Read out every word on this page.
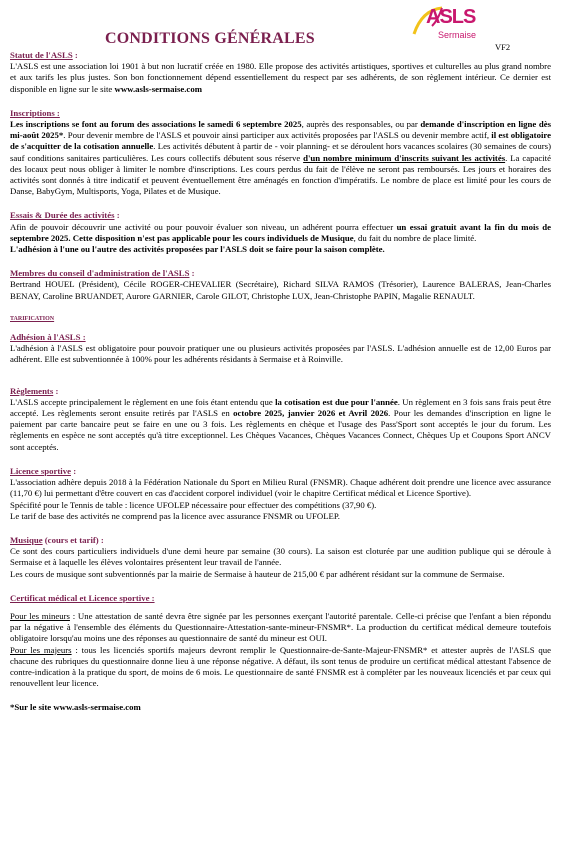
CONDITIONS GÉNÉRALES
ASLS
Sermaise
VF2

Statut de l'ASLS :

L'ASLS est une association loi 1901 à but non lucratif créée en 1980. Elle propose des activités artistiques, sportives et culturelles au plus grand nombre et aux tarifs les plus justes. Son bon fonctionnement dépend essentiellement du respect par ses adhérents, de son règlement intérieur. Ce dernier est disponible en ligne sur le site www.asls-sermaise.com

Inscriptions :

Les inscriptions se font au forum des associations le samedi 6 septembre 2025, auprès des responsables, ou par demande d'inscription en ligne dès mi-août 2025*. Pour devenir membre de l'ASLS et pouvoir ainsi participer aux activités proposées par l'ASLS ou devenir membre actif, il est obligatoire de s'acquitter de la cotisation annuelle. Les activités débutent à partir de - voir planning- et se déroulent hors vacances scolaires (30 semaines de cours) sauf conditions sanitaires particulières. Les cours collectifs débutent sous réserve d'un nombre minimum d'inscrits suivant les activités. La capacité des locaux peut nous obliger à limiter le nombre d'inscriptions. Les cours perdus du fait de l'élève ne seront pas remboursés. Les jours et horaires des activités sont donnés à titre indicatif et peuvent éventuellement être aménagés en fonction d'impératifs. Le nombre de place est limité pour les cours de Danse, BabyGym, Multisports, Yoga, Pilates et de Musique.

Essais & Durée des activités :

Afin de pouvoir découvrir une activité ou pour pouvoir évaluer son niveau, un adhérent pourra effectuer un essai gratuit avant la fin du mois de septembre 2025. Cette disposition n'est pas applicable pour les cours individuels de Musique, du fait du nombre de place limité.

L'adhésion à l'une ou l'autre des activités proposées par l'ASLS doit se faire pour la saison complète.

Membres du conseil d'administration de l'ASLS :

Bertrand HOUEL (Président), Cécile ROGER-CHEVALIER (Secrétaire), Richard SILVA RAMOS (Trésorier), Laurence BALERAS, Jean-Charles BENAY, Caroline BRUANDET, Aurore GARNIER, Carole GILOT, Christophe LUX, Jean-Christophe PAPIN, Magalie RENAULT.

TARIFICATION

Adhésion à l'ASLS :

L'adhésion à l'ASLS est obligatoire pour pouvoir pratiquer une ou plusieurs activités proposées par l'ASLS. L'adhésion annuelle est de 12,00 Euros par adhérent. Elle est subventionnée à 100% pour les adhérents résidants à Sermaise et à Roinville.

Règlements :

L'ASLS accepte principalement le règlement en une fois étant entendu que la cotisation est due pour l'année. Un règlement en 3 fois sans frais peut être accepté. Les règlements seront ensuite retirés par l'ASLS en octobre 2025, janvier 2026 et Avril 2026. Pour les demandes d'inscription en ligne le paiement par carte bancaire peut se faire en une ou 3 fois. Les règlements en chèque et l'usage des Pass'Sport sont acceptés le jour du forum. Les règlements en espèce ne sont acceptés qu'à titre exceptionnel. Les Chèques Vacances, Chèques Vacances Connect, Chèques Up et Coupons Sport ANCV sont acceptés.

Licence sportive :

L'association adhère depuis 2018 à la Fédération Nationale du Sport en Milieu Rural (FNSMR). Chaque adhérent doit prendre une licence avec assurance (11,70 €) lui permettant d'être couvert en cas d'accident corporel individuel (voir le chapitre Certificat médical et Licence Sportive).

Spécifité pour le Tennis de table : licence UFOLEP nécessaire pour effectuer des compétitions (37,90 €).

Le tarif de base des activités ne comprend pas la licence avec assurance FNSMR ou UFOLEP.

Musique (cours et tarif) :

Ce sont des cours particuliers individuels d'une demi heure par semaine (30 cours). La saison est cloturée par une audition publique qui se déroule à Sermaise et à laquelle les élèves volontaires présentent leur travail de l'année.

Les cours de musique sont subventionnés par la mairie de Sermaise à hauteur de 215,00 € par adhérent résidant sur la commune de Sermaise.

Certificat médical et Licence sportive :

Pour les mineurs : Une attestation de santé devra être signée par les personnes exerçant l'autorité parentale. Celle-ci précise que l'enfant a bien répondu par la négative à l'ensemble des éléments du Questionnaire-Attestation-sante-mineur-FNSMR*. La production du certificat médical demeure toutefois obligatoire lorsqu'au moins une des réponses au questionnaire de santé du mineur est OUI.

Pour les majeurs : tous les licenciés sportifs majeurs devront remplir le Questionnaire-de-Sante-Majeur-FNSMR* et attester auprès de l'ASLS que chacune des rubriques du questionnaire donne lieu à une réponse négative. A défaut, ils sont tenus de produire un certificat médical attestant l'absence de contre-indication à la pratique du sport, de moins de 6 mois. Le questionnaire de santé FNSMR est à compléter par les nouveaux licenciés et par ceux qui renouvellent leur licence.

*Sur le site www.asls-sermaise.com
